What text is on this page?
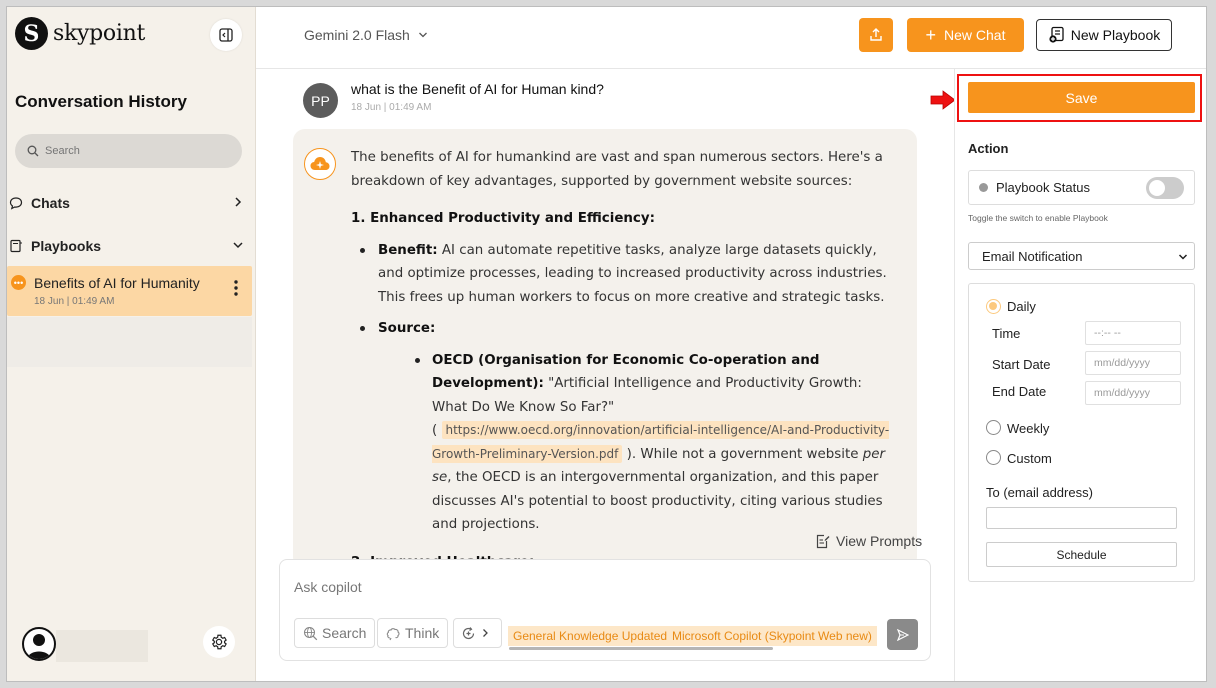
S skypoint
Conversation History
Search
Chats
Playbooks
••• Benefits of AI for Humanity
18 Jun | 01:49 AM
Gemini 2.0 Flash	+ New Chat	New Playbook
PP
what is the Benefit of AI for Human kind?
18 Jun | 01:49 AM

The benefits of AI for humankind are vast and span numerous sectors. Here's a breakdown of key advantages, supported by government website sources:

1. Enhanced Productivity and Efficiency:
Benefit: AI can automate repetitive tasks, analyze large datasets quickly, and optimize processes, leading to increased productivity across industries. This frees up human workers to focus on more creative and strategic tasks.
Source:
OECD (Organisation for Economic Co-operation and Development): "Artificial Intelligence and Productivity Growth: What Do We Know So Far?"
( https://www.oecd.org/innovation/artificial-intelligence/AI-and-Productivity-Growth-Preliminary-Version.pdf ). While not a government website per se, the OECD is an intergovernmental organization, and this paper discusses AI's potential to boost productivity, citing various studies and projections.
View Prompts
Ask copilot
Search	Think	General Knowledge Updated Microsoft Copilot (Skypoint Web new)
Save
Action
Playbook Status
Toggle the switch to enable Playbook
Email Notification
Daily
Time	--:-- --
Start Date	mm/dd/yyyy
End Date	mm/dd/yyyy
Weekly
Custom
To (email address)
Schedule
